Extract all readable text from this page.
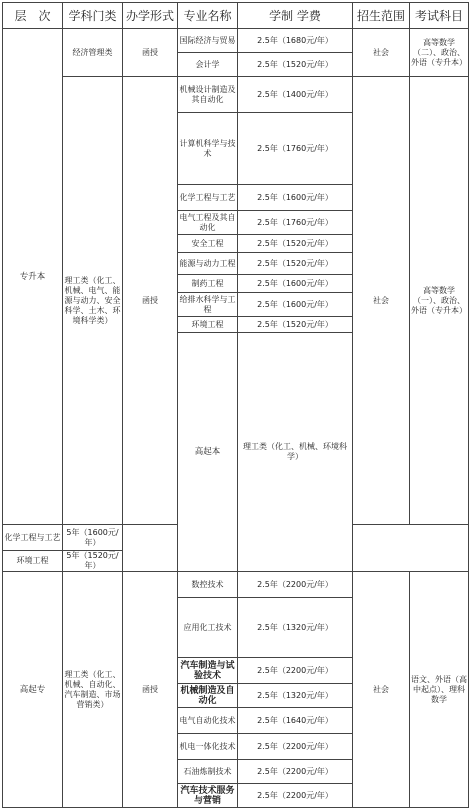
层　次	学科门类	办学形式	专业名称	学制 学费	招生范围	考试科目	
专升本	经济管理类	函授	国际经济与贸易	2.5年（1680元/年）	社会	高等数学（二）、政治、外语（专升本）	
			会计学	2.5年（1520元/年）			
	理工类（化工、机械、电气、能源与动力、安全科学、土木、环境科学类）	函授	机械设计制造及其自动化	2.5年（1400元/年）	社会	高等数学（一）、政治、外语（专升本）	
			计算机科学与技术	2.5年（1760元/年）			
			化学工程与工艺	2.5年（1600元/年）			
			电气工程及其自动化	2.5年（1760元/年）			
			安全工程	2.5年（1520元/年）			
			能源与动力工程	2.5年（1520元/年）			
			制药工程	2.5年（1600元/年）			
			给排水科学与工程	2.5年（1600元/年）			
			环境工程	2.5年（1520元/年）			
			高起本	理工类（化工、机械、环境科学）					

化学工程与工艺	5年（1600元/年）						
环境工程	5年（1520元/年）						
高起专	理工类（化工、机械、自动化、汽车制造、市场营销类）	函授	数控技术	2.5年（2200元/年）	社会	语文、外语（高中起点）、理科数学	
			应用化工技术	2.5年（1320元/年）			
			汽车制造与试验技术	2.5年（2200元/年）			
			机械制造及自动化	2.5年（1320元/年）			
			电气自动化技术	2.5年（1640元/年）			
			机电一体化技术	2.5年（2200元/年）			
			石油炼制技术	2.5年（2200元/年）			
			汽车技术服务与营销	2.5年（2200元/年）			
